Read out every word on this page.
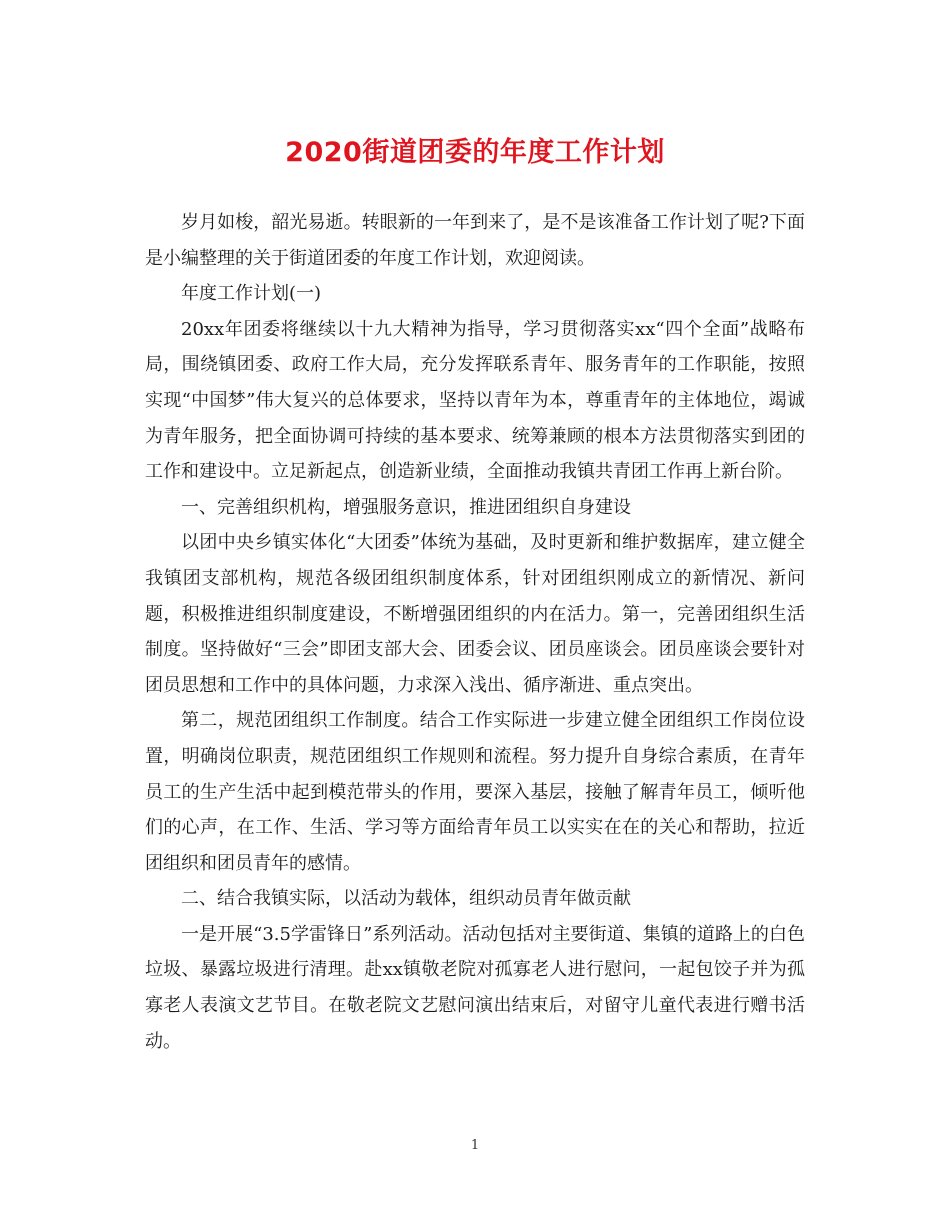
2020街道团委的年度工作计划

岁月如梭，韶光易逝。转眼新的一年到来了，是不是该准备工作计划了呢?下面是小编整理的关于街道团委的年度工作计划，欢迎阅读。

年度工作计划(一)

20xx年团委将继续以十九大精神为指导，学习贯彻落实xx“四个全面”战略布局，围绕镇团委、政府工作大局，充分发挥联系青年、服务青年的工作职能，按照实现“中国梦”伟大复兴的总体要求，坚持以青年为本，尊重青年的主体地位，竭诚为青年服务，把全面协调可持续的基本要求、统筹兼顾的根本方法贯彻落实到团的工作和建设中。立足新起点，创造新业绩，全面推动我镇共青团工作再上新台阶。

一、完善组织机构，增强服务意识，推进团组织自身建设

以团中央乡镇实体化“大团委”体统为基础，及时更新和维护数据库，建立健全我镇团支部机构，规范各级团组织制度体系，针对团组织刚成立的新情况、新问题，积极推进组织制度建设，不断增强团组织的内在活力。第一，完善团组织生活制度。坚持做好“三会”即团支部大会、团委会议、团员座谈会。团员座谈会要针对团员思想和工作中的具体问题，力求深入浅出、循序渐进、重点突出。

第二，规范团组织工作制度。结合工作实际进一步建立健全团组织工作岗位设置，明确岗位职责，规范团组织工作规则和流程。努力提升自身综合素质，在青年员工的生产生活中起到模范带头的作用，要深入基层，接触了解青年员工，倾听他们的心声，在工作、生活、学习等方面给青年员工以实实在在的关心和帮助，拉近团组织和团员青年的感情。

二、结合我镇实际，以活动为载体，组织动员青年做贡献

一是开展“3.5学雷锋日”系列活动。活动包括对主要街道、集镇的道路上的白色垃圾、暴露垃圾进行清理。赴xx镇敬老院对孤寡老人进行慰问，一起包饺子并为孤寡老人表演文艺节目。在敬老院文艺慰问演出结束后，对留守儿童代表进行赠书活动。

1
